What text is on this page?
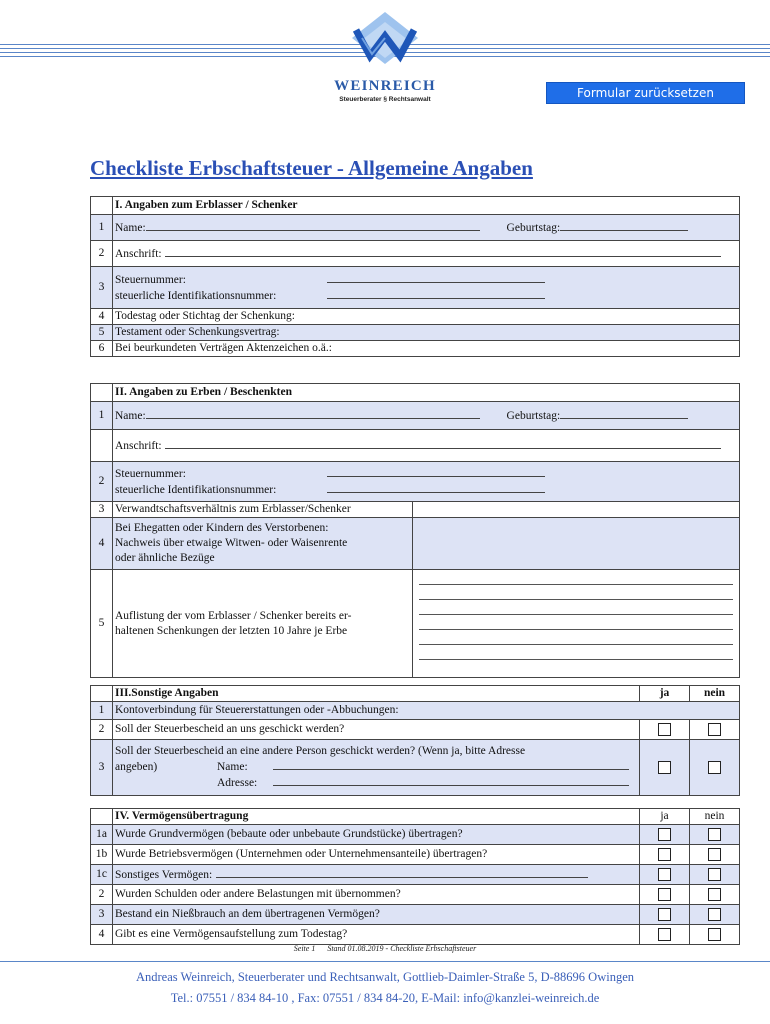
WEINREICH
Steuerberater § Rechtsanwalt	Formular zurücksetzen
Checkliste Erbschaftsteuer - Allgemeine Angaben
	I. Angaben zum Erblasser / Schenker
1	Name: Geburtstag:
2	Anschrift:
3	Steuernummer:
steuerliche Identifikationsnummer:

4	Todestag oder Stichtag der Schenkung:
5	Testament oder Schenkungsvertrag:
6	Bei beurkundeten Verträgen Aktenzeichen o.ä.:
	II. Angaben zu Erben / Beschenkten	
1	Name: Geburtstag:	
	Anschrift:	
2	Steuernummer:
steuerliche Identifikationsnummer:	

3	Verwandtschaftsverhältnis zum Erblasser/Schenker	
4	Bei Ehegatten oder Kindern des Verstorbenen:
Nachweis über etwaige Witwen- oder Waisenrente
oder ähnliche Bezüge	

5	Auflistung der vom Erblasser / Schenker bereits er-
haltenen Schenkungen der letzten 10 Jahre je Erbe	

	III.Sonstige Angaben	ja	nein
1	Kontoverbindung für Steuererstattungen oder -Abbuchungen:		
2	Soll der Steuerbescheid an uns geschickt werden?		
3	Soll der Steuerbescheid an eine andere Person geschickt werden? (Wenn ja, bitte Adresse
angeben) Name:
Adresse:		

	IV. Vermögensübertragung	ja	nein
1a	Wurde Grundvermögen (bebaute oder unbebaute Grundstücke) übertragen?		
1b	Wurde Betriebsvermögen (Unternehmen oder Unternehmensanteile) übertragen?		
1c	Sonstiges Vermögen:		
2	Wurden Schulden oder andere Belastungen mit übernommen?		
3	Bestand ein Nießbrauch an dem übertragenen Vermögen?		
4	Gibt es eine Vermögensaufstellung zum Todestag?		
Seite 1 Stand 01.08.2019 - Checkliste Erbschaftsteuer
Andreas Weinreich, Steuerberater und Rechtsanwalt, Gottlieb-Daimler-Straße 5, D-88696 Owingen
Tel.: 07551 / 834 84-10 , Fax: 07551 / 834 84-20, E-Mail: info@kanzlei-weinreich.de
